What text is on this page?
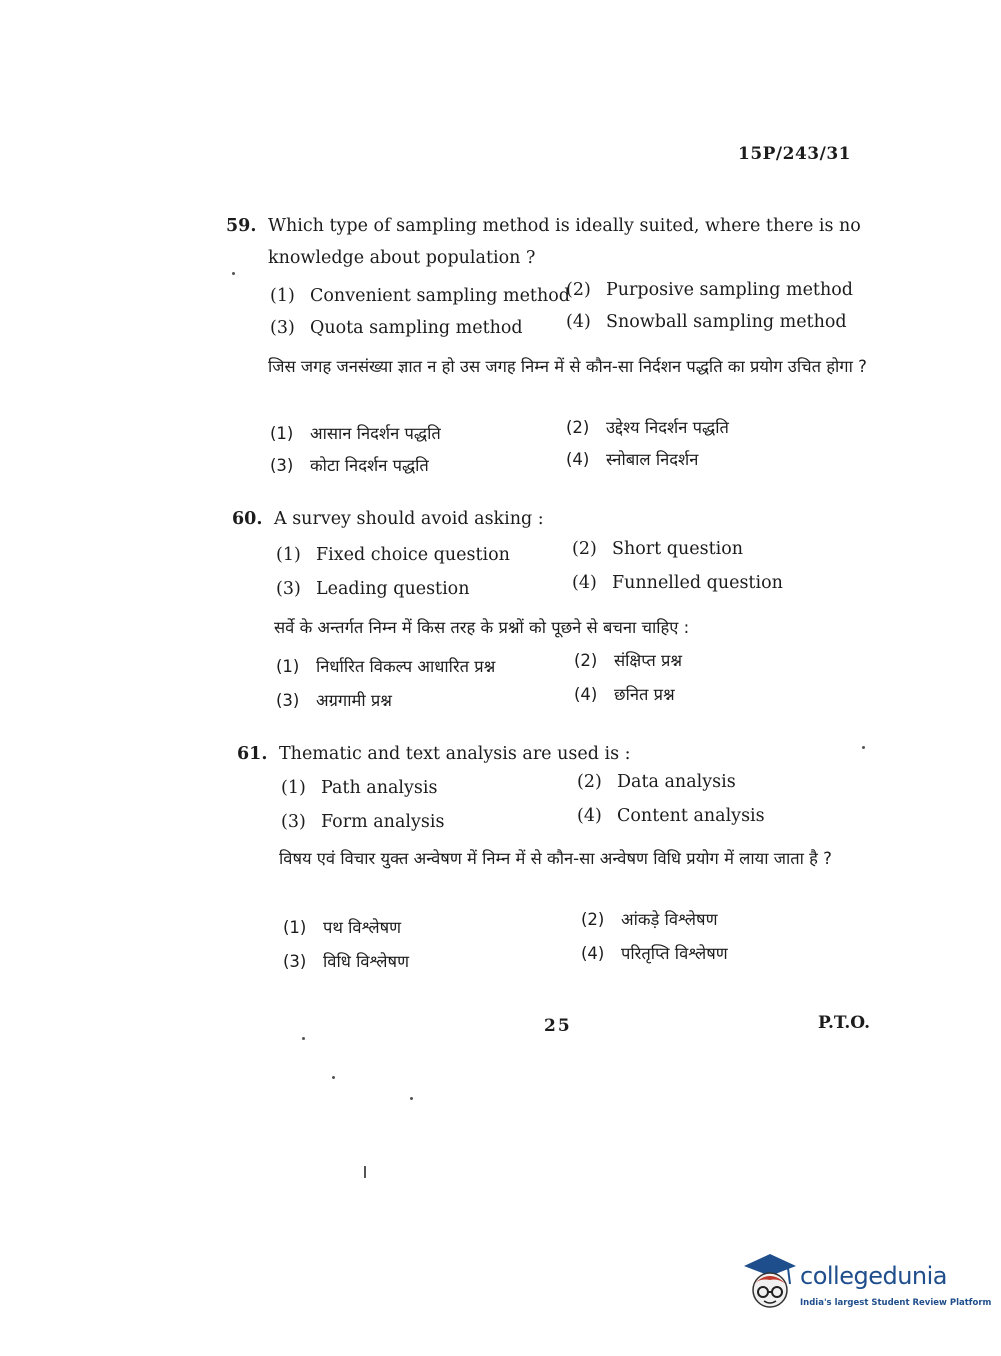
15P/243/31
59. Which type of sampling method is ideally suited, where there is no knowledge about population ?
(1) Convenient sampling method
(2) Purposive sampling method
(3) Quota sampling method (4) Snowball sampling method
जिस जगह जनसंख्या ज्ञात न हो उस जगह निम्न में से कौन-सा निर्दशन पद्धति का प्रयोग उचित होगा ?
(1) आसान निदर्शन पद्धति	(2) उद्देश्य निदर्शन पद्धति
(3) कोटा निदर्शन पद्धति	(4) स्नोबाल निदर्शन
60. A survey should avoid asking :
(1) Fixed choice question	(2) Short question
(3) Leading question	(4) Funnelled question
सर्वे के अन्तर्गत निम्न में किस तरह के प्रश्नों को पूछने से बचना चाहिए :
(1) निर्धारित विकल्प आधारित प्रश्न	(2) संक्षिप्त प्रश्न
(3) अग्रगामी प्रश्न	(4) छनित प्रश्न
61. Thematic and text analysis are used is :
(1) Path analysis	(2) Data analysis
(3) Form analysis	(4) Content analysis
विषय एवं विचार युक्त अन्वेषण में निम्न में से कौन-सा अन्वेषण विधि प्रयोग में लाया जाता है ?
(1) पथ विश्लेषण	(2) आंकड़े विश्लेषण
(3) विधि विश्लेषण	(4) परितृप्ति विश्लेषण
25	P.T.O.
collegedunia
India's largest Student Review Platform
